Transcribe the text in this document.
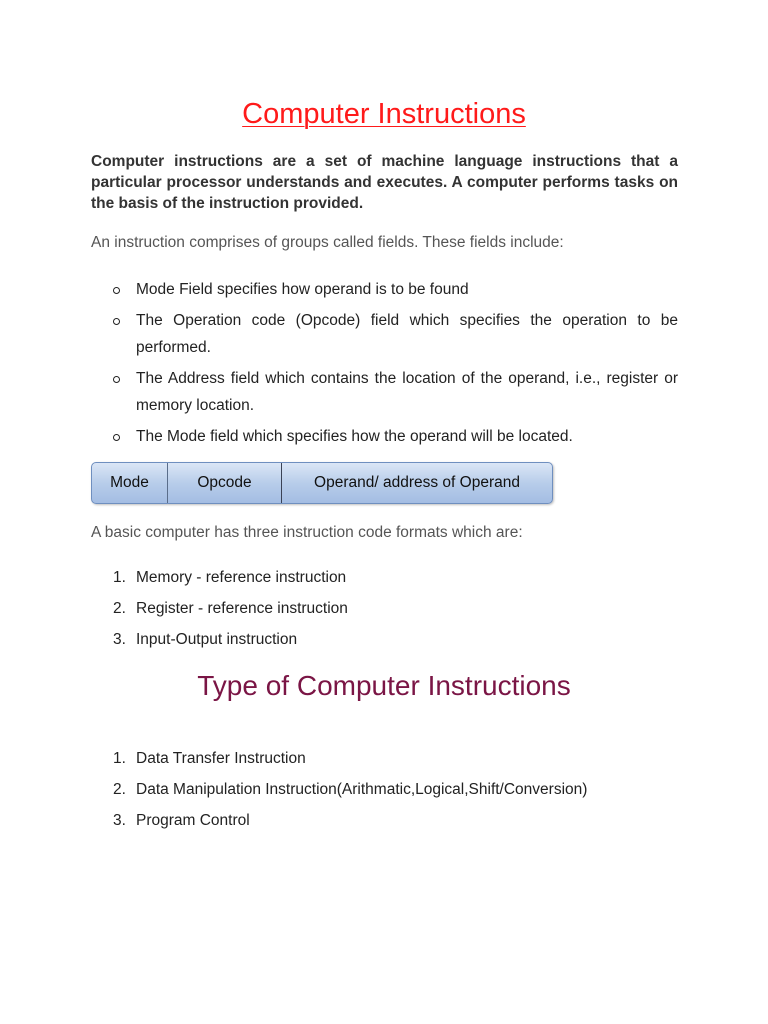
Computer Instructions
Computer instructions are a set of machine language instructions that a particular processor understands and executes. A computer performs tasks on the basis of the instruction provided.
An instruction comprises of groups called fields. These fields include:
Mode Field specifies how operand is to be found
The Operation code (Opcode) field which specifies the operation to be performed.
The Address field which contains the location of the operand, i.e., register or memory location.
The Mode field which specifies how the operand will be located.
Mode	Opcode	Operand/ address of Operand
A basic computer has three instruction code formats which are:
1. Memory - reference instruction
2. Register - reference instruction
3. Input-Output instruction
Type of Computer Instructions
1. Data Transfer Instruction
2. Data Manipulation Instruction(Arithmatic,Logical,Shift/Conversion)
3. Program Control
